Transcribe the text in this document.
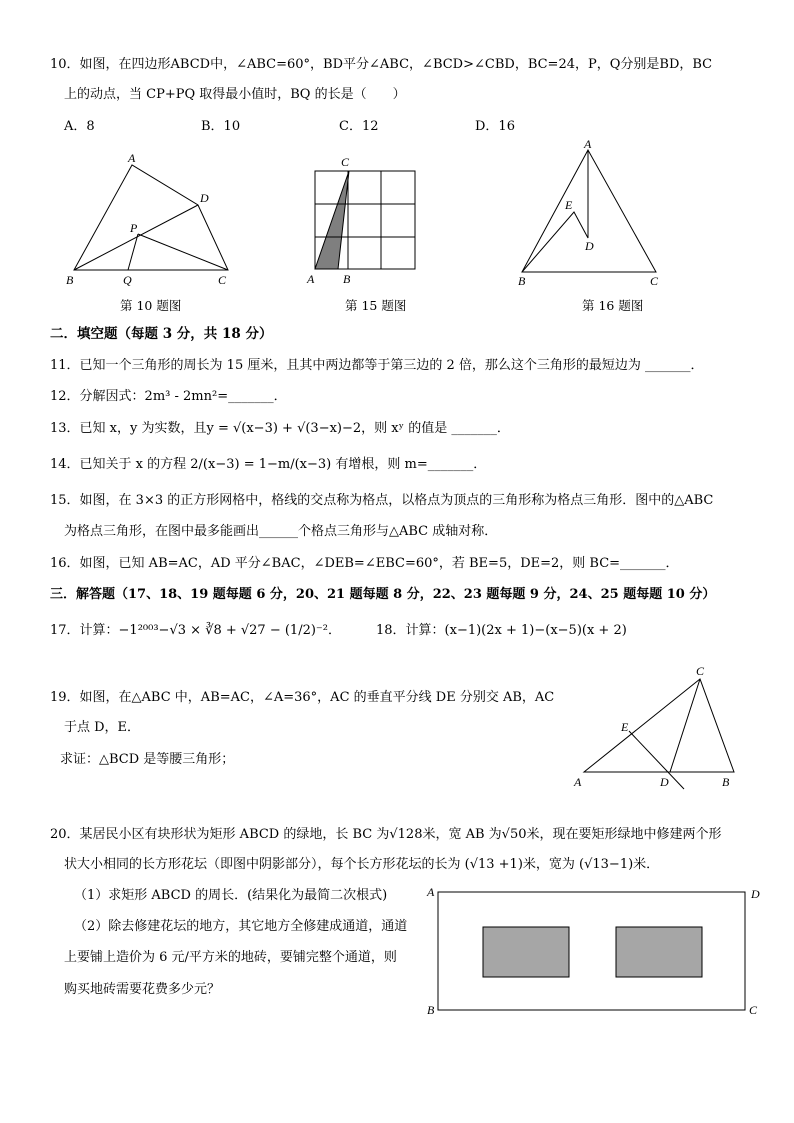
10．如图，在四边形ABCD中，∠ABC=60°，BD平分∠ABC，∠BCD>∠CBD，BC=24，P，Q分别是BD，BC
上的动点，当 CP+PQ 取得最小值时，BQ 的长是（　　）
A．8	B．10	C．12	D．16
A
D
P
B	Q	C
第 10 题图
C
A B
第 15 题图
A
E
D
B	C
第 16 题图
二．填空题（每题 3 分，共 18 分）
11．已知一个三角形的周长为 15 厘米，且其中两边都等于第三边的 2 倍，那么这个三角形的最短边为 _______．
12．分解因式：2m³ - 2mn²=_______．
13．已知 x，y 为实数，且y = √(x−3) + √(3−x)−2，则 xʸ 的值是 _______．
14．已知关于 x 的方程 2/(x−3) = 1−m/(x−3) 有增根，则 m=_______．
15．如图，在 3×3 的正方形网格中，格线的交点称为格点，以格点为顶点的三角形称为格点三角形．图中的△ABC
为格点三角形，在图中最多能画出______个格点三角形与△ABC 成轴对称．
16．如图，已知 AB=AC，AD 平分∠BAC，∠DEB=∠EBC=60°，若 BE=5，DE=2，则 BC=_______．
三．解答题（17、18、19 题每题 6 分，20、21 题每题 8 分，22、23 题每题 9 分，24、25 题每题 10 分）
17．计算：−1²⁰⁰³−√3 × ∛8 + √27 − (1/2)⁻²．	18．计算：(x−1)(2x + 1)−(x−5)(x + 2)
19．如图，在△ABC 中，AB=AC，∠A=36°，AC 的垂直平分线 DE 分别交 AB，AC
于点 D，E．
求证：△BCD 是等腰三角形；
C
E
A	D	B
20．某居民小区有块形状为矩形 ABCD 的绿地，长 BC 为√128米，宽 AB 为√50米，现在要矩形绿地中修建两个形
状大小相同的长方形花坛（即图中阴影部分），每个长方形花坛的长为 (√13 +1)米，宽为 (√13−1)米．
（1）求矩形 ABCD 的周长．(结果化为最简二次根式)
（2）除去修建花坛的地方，其它地方全修建成通道，通道
上要铺上造价为 6 元/平方米的地砖，要铺完整个通道，则
购买地砖需要花费多少元？
A	D
B	C
